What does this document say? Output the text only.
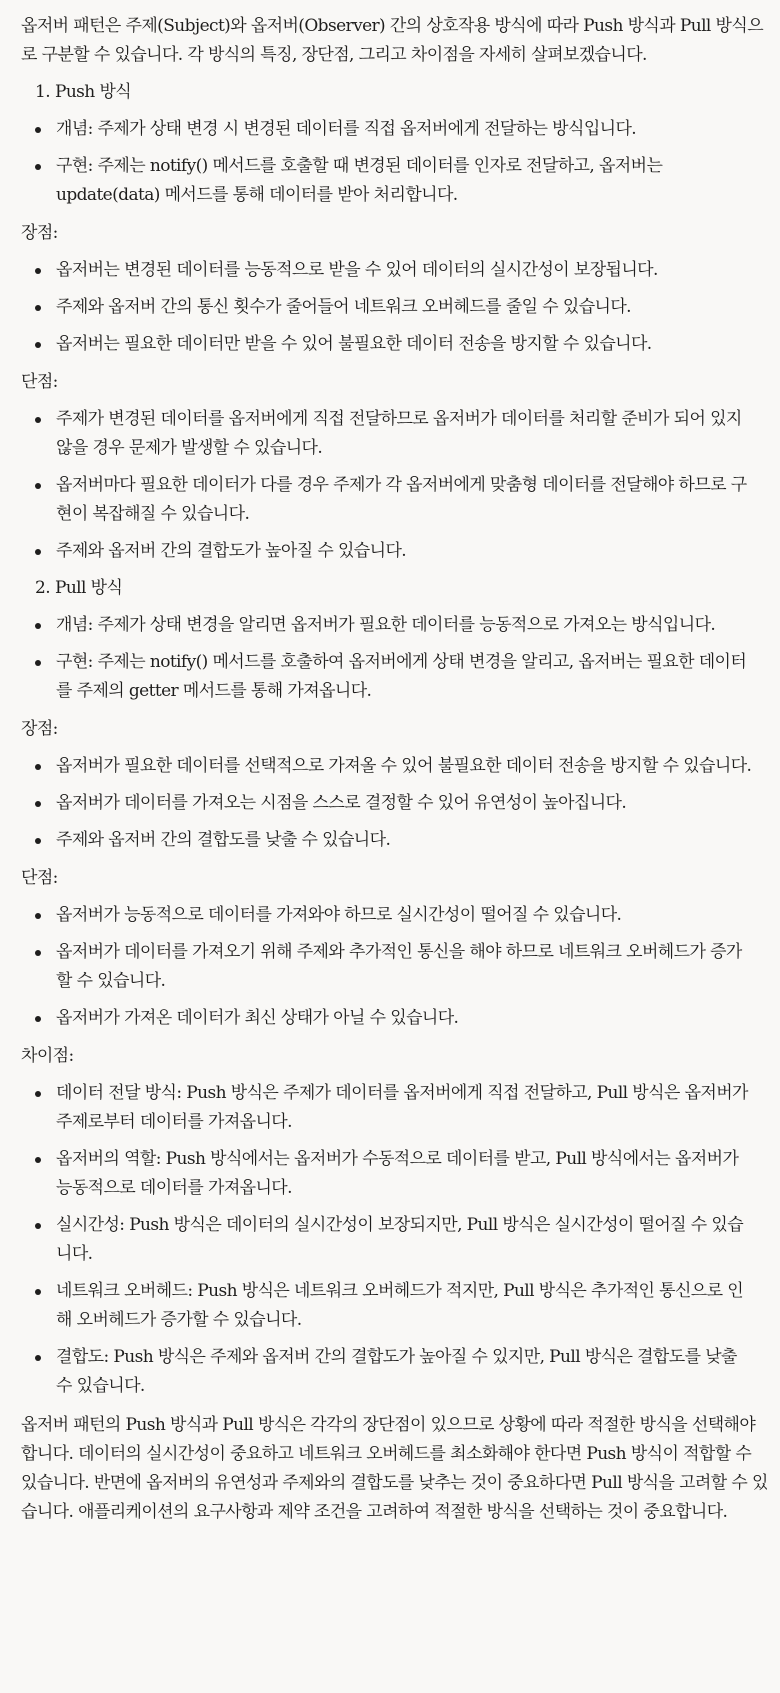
옵저버 패턴은 주제(Subject)와 옵저버(Observer) 간의 상호작용 방식에 따라 Push 방식과 Pull 방식으로 구분할 수 있습니다. 각 방식의 특징, 장단점, 그리고 차이점을 자세히 살펴보겠습니다.

1. Push 방식
개념: 주제가 상태 변경 시 변경된 데이터를 직접 옵저버에게 전달하는 방식입니다.
구현: 주제는 notify() 메서드를 호출할 때 변경된 데이터를 인자로 전달하고, 옵저버는 update(data) 메서드를 통해 데이터를 받아 처리합니다.

장점:

옵저버는 변경된 데이터를 능동적으로 받을 수 있어 데이터의 실시간성이 보장됩니다.
주제와 옵저버 간의 통신 횟수가 줄어들어 네트워크 오버헤드를 줄일 수 있습니다.
옵저버는 필요한 데이터만 받을 수 있어 불필요한 데이터 전송을 방지할 수 있습니다.

단점:

주제가 변경된 데이터를 옵저버에게 직접 전달하므로 옵저버가 데이터를 처리할 준비가 되어 있지 않을 경우 문제가 발생할 수 있습니다.
옵저버마다 필요한 데이터가 다를 경우 주제가 각 옵저버에게 맞춤형 데이터를 전달해야 하므로 구현이 복잡해질 수 있습니다.
주제와 옵저버 간의 결합도가 높아질 수 있습니다.
2. Pull 방식
개념: 주제가 상태 변경을 알리면 옵저버가 필요한 데이터를 능동적으로 가져오는 방식입니다.
구현: 주제는 notify() 메서드를 호출하여 옵저버에게 상태 변경을 알리고, 옵저버는 필요한 데이터를 주제의 getter 메서드를 통해 가져옵니다.

장점:

옵저버가 필요한 데이터를 선택적으로 가져올 수 있어 불필요한 데이터 전송을 방지할 수 있습니다.
옵저버가 데이터를 가져오는 시점을 스스로 결정할 수 있어 유연성이 높아집니다.
주제와 옵저버 간의 결합도를 낮출 수 있습니다.

단점:

옵저버가 능동적으로 데이터를 가져와야 하므로 실시간성이 떨어질 수 있습니다.
옵저버가 데이터를 가져오기 위해 주제와 추가적인 통신을 해야 하므로 네트워크 오버헤드가 증가할 수 있습니다.
옵저버가 가져온 데이터가 최신 상태가 아닐 수 있습니다.

차이점:

데이터 전달 방식: Push 방식은 주제가 데이터를 옵저버에게 직접 전달하고, Pull 방식은 옵저버가 주제로부터 데이터를 가져옵니다.
옵저버의 역할: Push 방식에서는 옵저버가 수동적으로 데이터를 받고, Pull 방식에서는 옵저버가 능동적으로 데이터를 가져옵니다.
실시간성: Push 방식은 데이터의 실시간성이 보장되지만, Pull 방식은 실시간성이 떨어질 수 있습니다.
네트워크 오버헤드: Push 방식은 네트워크 오버헤드가 적지만, Pull 방식은 추가적인 통신으로 인해 오버헤드가 증가할 수 있습니다.
결합도: Push 방식은 주제와 옵저버 간의 결합도가 높아질 수 있지만, Pull 방식은 결합도를 낮출 수 있습니다.

옵저버 패턴의 Push 방식과 Pull 방식은 각각의 장단점이 있으므로 상황에 따라 적절한 방식을 선택해야 합니다. 데이터의 실시간성이 중요하고 네트워크 오버헤드를 최소화해야 한다면 Push 방식이 적합할 수 있습니다. 반면에 옵저버의 유연성과 주제와의 결합도를 낮추는 것이 중요하다면 Pull 방식을 고려할 수 있습니다. 애플리케이션의 요구사항과 제약 조건을 고려하여 적절한 방식을 선택하는 것이 중요합니다.
